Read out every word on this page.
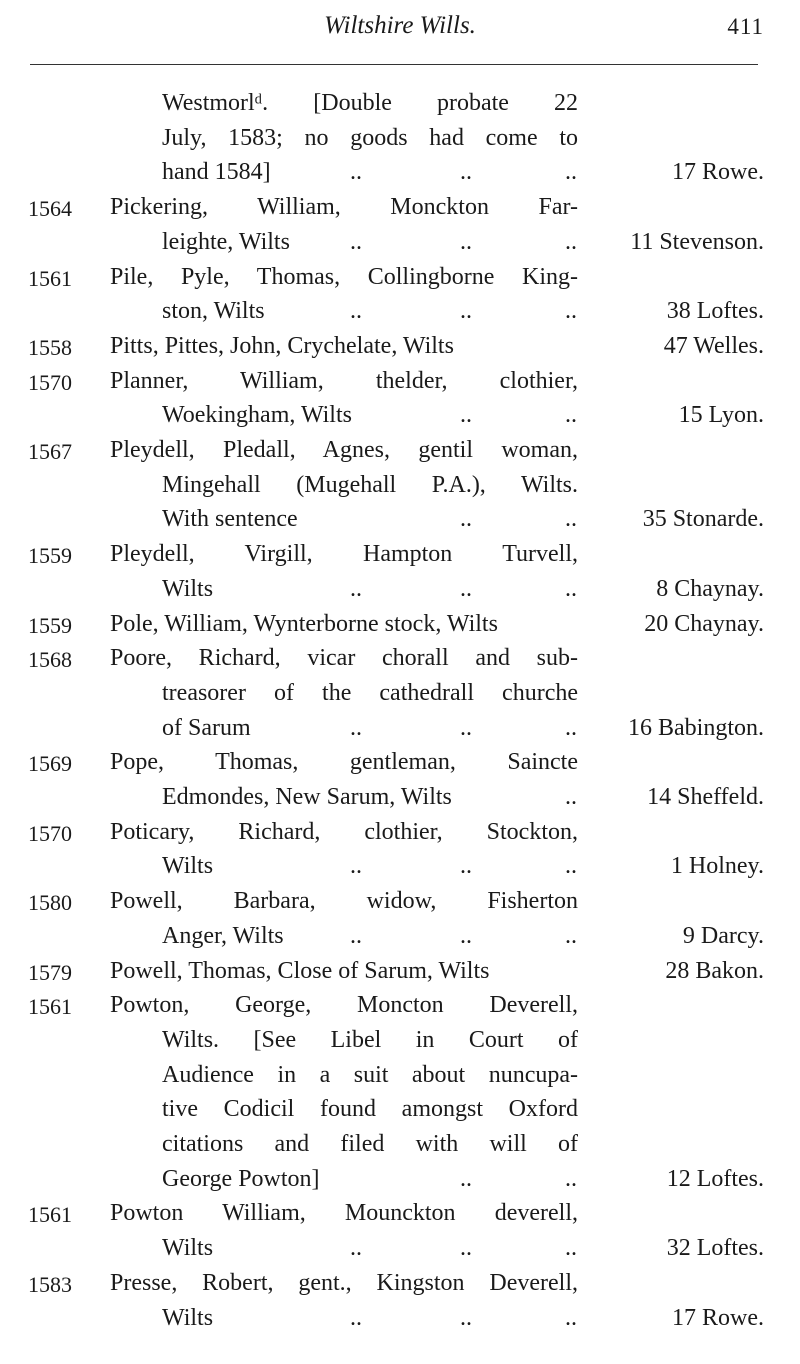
Wiltshire Wills.	411
Westmorlᵈ. [Double probate 22
July, 1583; no goods had come to
hand 1584]	..	..	..	17 Rowe.
1564 Pickering, William, Monckton Far-
leighte, Wilts ..	..	.. 11 Stevenson.
1561 Pile, Pyle, Thomas, Collingborne King-
ston, Wilts	..	..	..	38 Loftes.
1558 Pitts, Pittes, John, Crychelate, Wilts	47 Welles.
1570 Planner, William, thelder, clothier,
Woekingham, Wilts	..	..	15 Lyon.
1567 Pleydell, Pledall, Agnes, gentil woman,
Mingehall (Mugehall P.A.), Wilts.
With sentence	..	..	35 Stonarde.
1559 Pleydell, Virgill, Hampton Turvell,
Wilts	..	..	..	8 Chaynay.
1559 Pole, William, Wynterborne stock, Wilts	20 Chaynay.
1568 Poore, Richard, vicar chorall and sub-
treasorer of the cathedrall churche
of Sarum	..	..	.. 16 Babington.
1569 Pope, Thomas, gentleman, Saincte
Edmondes, New Sarum, Wilts	..	14 Sheffeld.
1570 Poticary, Richard, clothier, Stockton,
Wilts	..	..	..	1 Holney.
1580 Powell, Barbara, widow, Fisherton
Anger, Wilts	..	..	..	9 Darcy.
1579 Powell, Thomas, Close of Sarum, Wilts	28 Bakon.
1561 Powton, George, Moncton Deverell,
Wilts. [See Libel in Court of
Audience in a suit about nuncupa-
tive Codicil found amongst Oxford
citations and filed with will of
George Powton]	..	..	12 Loftes.
1561 Powton William, Mounckton deverell,
Wilts	..	..	..	32 Loftes.
1583 Presse, Robert, gent., Kingston Deverell,
Wilts	..	..	..	17 Rowe.
